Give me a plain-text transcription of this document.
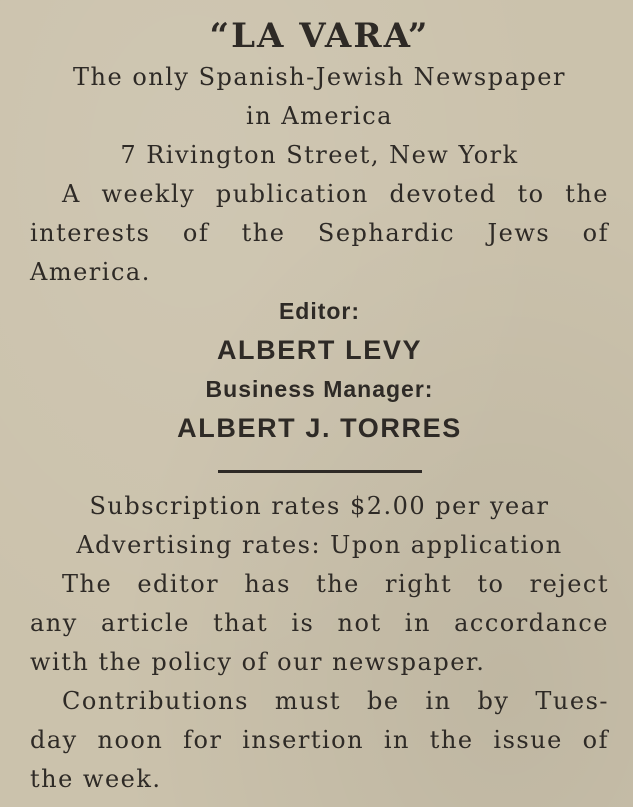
“LA VARA”
The only Spanish-Jewish Newspaper
in America
7 Rivington Street, New York
A weekly publication devoted to the
interests of the Sephardic Jews of
America.
Editor:
ALBERT LEVY
Business Manager:
ALBERT J. TORRES
Subscription rates $2.00 per year
Advertising rates: Upon application
The editor has the right to reject
any article that is not in accordance
with the policy of our newspaper.
Contributions must be in by Tues-
day noon for insertion in the issue of
the week.
